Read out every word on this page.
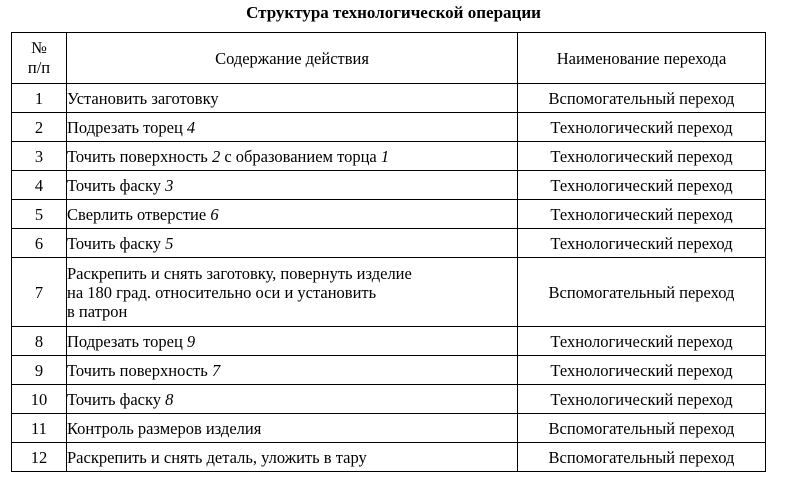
Структура технологической операции
№
п/п	Содержание действия	Наименование перехода
1	Установить заготовку	Вспомогательный переход
2	Подрезать торец 4	Технологический переход
3	Точить поверхность 2 с образованием торца 1	Технологический переход
4	Точить фаску 3	Технологический переход
5	Сверлить отверстие 6	Технологический переход
6	Точить фаску 5	Технологический переход
7	Раскрепить и снять заготовку, повернуть изделие
на 180 град. относительно оси и установить
в патрон	Вспомогательный переход
8	Подрезать торец 9	Технологический переход
9	Точить поверхность 7	Технологический переход
10	Точить фаску 8	Технологический переход
11	Контроль размеров изделия	Вспомогательный переход
12	Раскрепить и снять деталь, уложить в тару	Вспомогательный переход
